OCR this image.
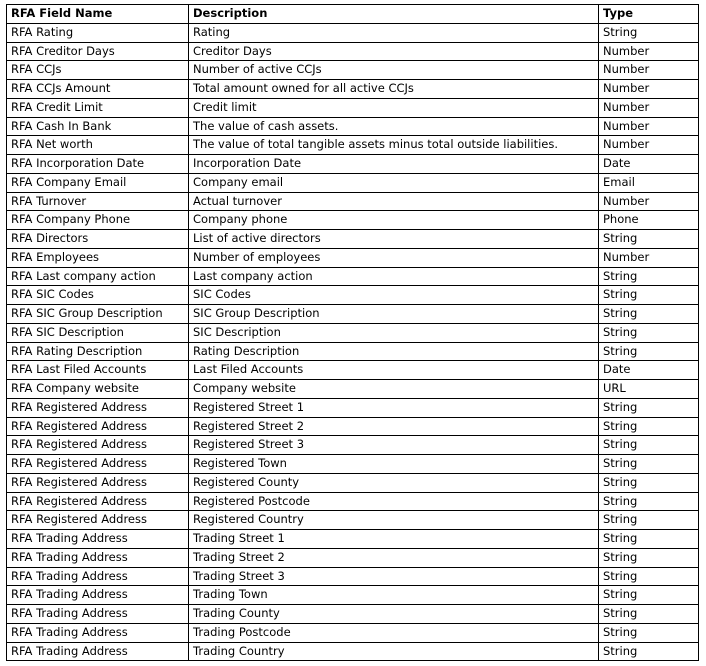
RFA Field Name	Description	Type
RFA Rating	Rating	String
RFA Creditor Days	Creditor Days	Number
RFA CCJs	Number of active CCJs	Number
RFA CCJs Amount	Total amount owned for all active CCJs	Number
RFA Credit Limit	Credit limit	Number
RFA Cash In Bank	The value of cash assets.	Number
RFA Net worth	The value of total tangible assets minus total outside liabilities.	Number
RFA Incorporation Date	Incorporation Date	Date
RFA Company Email	Company email	Email
RFA Turnover	Actual turnover	Number
RFA Company Phone	Company phone	Phone
RFA Directors	List of active directors	String
RFA Employees	Number of employees	Number
RFA Last company action	Last company action	String
RFA SIC Codes	SIC Codes	String
RFA SIC Group Description	SIC Group Description	String
RFA SIC Description	SIC Description	String
RFA Rating Description	Rating Description	String
RFA Last Filed Accounts	Last Filed Accounts	Date
RFA Company website	Company website	URL
RFA Registered Address	Registered Street 1	String
RFA Registered Address	Registered Street 2	String
RFA Registered Address	Registered Street 3	String
RFA Registered Address	Registered Town	String
RFA Registered Address	Registered County	String
RFA Registered Address	Registered Postcode	String
RFA Registered Address	Registered Country	String
RFA Trading Address	Trading Street 1	String
RFA Trading Address	Trading Street 2	String
RFA Trading Address	Trading Street 3	String
RFA Trading Address	Trading Town	String
RFA Trading Address	Trading County	String
RFA Trading Address	Trading Postcode	String
RFA Trading Address	Trading Country	String
